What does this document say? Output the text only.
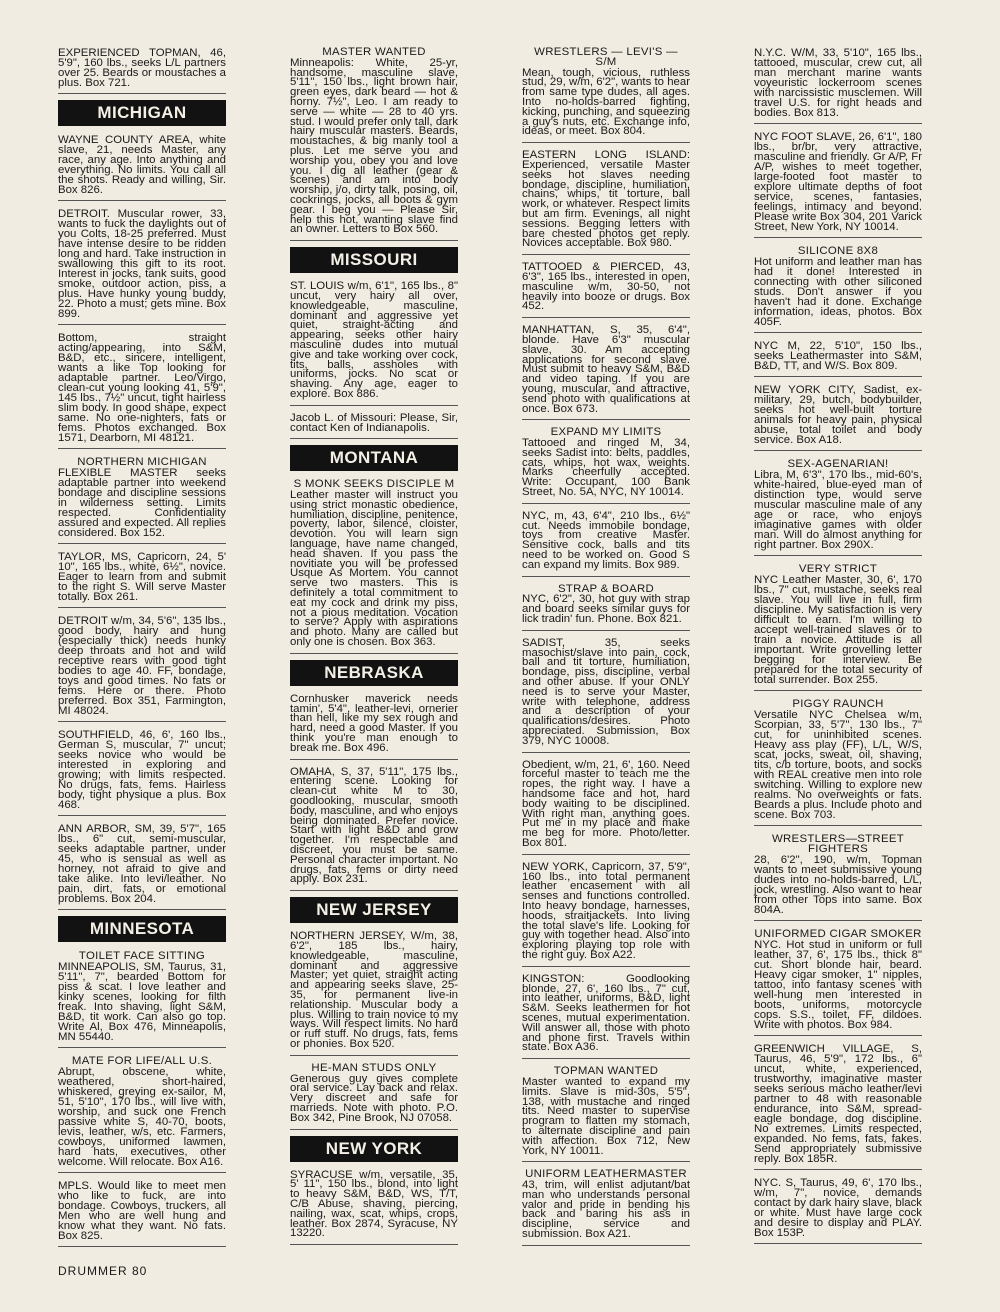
EXPERIENCED TOPMAN, 46, 5'9", 160 lbs., seeks L/L partners over 25. Beards or moustaches a plus. Box 721.
MICHIGAN
WAYNE COUNTY AREA, white slave, 21, needs Master, any race, any age. Into anything and everything. No limits. You call all the shots. Ready and willing, Sir. Box 826.
DETROIT. Muscular rower, 33, wants to fuck the daylights out of you Colts, 18-25 preferred. Must have intense desire to be ridden long and hard. Take instruction in swallowing this gift to its root. Interest in jocks, tank suits, good smoke, outdoor action, piss, a plus. Have hunky young buddy, 22. Photo a must; gets mine. Box 899.
Bottom, straight acting/appearing, into S&M, B&D, etc., sincere, intelligent, wants a like Top looking for adaptable partner. Leo/Virgo, clean-cut young looking 41, 5'9", 145 lbs., 7½" uncut, tight hairless slim body. In good shape, expect same. No one-nighters, fats or fems. Photos exchanged. Box 1571, Dearborn, MI 48121.
NORTHERN MICHIGAN
FLEXIBLE MASTER seeks adaptable partner into weekend bondage and discipline sessions in wilderness setting. Limits respected. Confidentiality assured and expected. All replies considered. Box 152.
TAYLOR, MS, Capricorn, 24, 5' 10", 165 lbs., white, 6½", novice. Eager to learn from and submit to the right S. Will serve Master totally. Box 261.
DETROIT w/m, 34, 5'6", 135 lbs., good body, hairy and hung (especially thick) needs hunky deep throats and hot and wild receptive rears with good tight bodies to age 40. FF, bondage, toys and good times. No fats or fems. Here or there. Photo preferred. Box 351, Farmington, MI 48024.
SOUTHFIELD, 46, 6', 160 lbs., German S, muscular, 7" uncut; seeks novice who would be interested in exploring and growing; with limits respected. No drugs, fats, fems. Hairless body, tight physique a plus. Box 468.
ANN ARBOR, SM, 39, 5'7", 165 lbs., 6" cut, semi-muscular, seeks adaptable partner, under 45, who is sensual as well as horney, not afraid to give and take alike. Into levi/leather. No pain, dirt, fats, or emotional problems. Box 204.
MINNESOTA
TOILET FACE SITTING
MINNEAPOLIS, SM, Taurus, 31, 5'11", 7", bearded Bottom for piss & scat. I love leather and kinky scenes, looking for filth freak. Into shaving, light S&M, B&D, tit work. Can also go top. Write Al, Box 476, Minneapolis, MN 55440.
MATE FOR LIFE/ALL U.S.
Abrupt, obscene, white, weathered, short-haired, whiskered, greying ex-sailor, M, 51, 5'10", 170 lbs., will live with, worship, and suck one French passive white S, 40-70, boots, levis, leather, w/s, etc. Farmers, cowboys, uniformed lawmen, hard hats, executives, other welcome. Will relocate. Box A16.
MPLS. Would like to meet men who like to fuck, are into bondage. Cowboys, truckers, all Men who are well hung and know what they want. No fats. Box 825.
MASTER WANTED
Minneapolis: White, 25-yr, handsome, masculine slave, 5'11", 150 lbs., light brown hair, green eyes, dark beard — hot & horny. 7½", Leo. I am ready to serve — white — 28 to 40 yrs. stud. I would prefer only tall, dark hairy muscular masters. Beards, moustaches, & big manly tool a plus. Let me serve you and worship you, obey you and love you. I dig all leather (gear & scenes) and am into body worship, j/o, dirty talk, posing, oil, cockrings, jocks, all boots & gym gear. I beg you — Please Sir, help this hot, wanting slave find an owner. Letters to Box 560.
MISSOURI
ST. LOUIS w/m, 6'1", 165 lbs., 8" uncut, very hairy all over, knowledgeable, masculine, dominant and aggressive yet quiet, straight-acting and appearing, seeks other hairy masculine dudes into mutual give and take working over cock, tits, balls, assholes with uniforms, jocks. No scat or shaving. Any age, eager to explore. Box 886.
Jacob L. of Missouri: Please, Sir, contact Ken of Indianapolis.
MONTANA
S MONK SEEKS DISCIPLE M
Leather master will instruct you using strict monastic obedience, humiliation, discipline, penitence, poverty, labor, silence, cloister, devotion. You will learn sign language, have name changed, head shaven. If you pass the novitiate you will be professed Usque As Mortem. You cannot serve two masters. This is definitely a total commitment to eat my cock and drink my piss, not a pious meditation. Vocation to serve? Apply with aspirations and photo. Many are called but only one is chosen. Box 363.
NEBRASKA
Cornhusker maverick needs tamin', 5'4", leather-levi, ornerier than hell, like my sex rough and hard, need a good Master. If you think you're man enough to break me. Box 496.
OMAHA, S, 37, 5'11", 175 lbs., entering scene. Looking for clean-cut white M to 30, goodlooking, muscular, smooth body, masculine, and who enjoys being dominated. Prefer novice. Start with light B&D and grow together. I'm respectable and discreet, you must be same. Personal character important. No drugs, fats, fems or dirty need apply. Box 231.
NEW JERSEY
NORTHERN JERSEY, W/m, 38, 6'2", 185 lbs., hairy, knowledgeable, masculine, dominant and aggressive Master; yet quiet, straight acting and appearing seeks slave, 25-35, for permanent live-in relationship. Muscular body a plus. Willing to train novice to my ways. Will respect limits. No hard or ruff stuff. No drugs, fats, fems or phonies. Box 520.
HE-MAN STUDS ONLY
Generous guy gives complete oral service. Lay back and relax. Very discreet and safe for marrieds. Note with photo. P.O. Box 342, Pine Brook, NJ 07058.
NEW YORK
SYRACUSE w/m, versatile, 35, 5' 11", 150 lbs., blond, into light to heavy S&M, B&D, WS, T/T, C/B Abuse, shaving, piercing, nailing, wax, scat, whips, crops, leather. Box 2874, Syracuse, NY 13220.
WRESTLERS — LEVI'S — S/M
Mean, tough, vicious, ruthless stud, 29, w/m, 6'2", wants to hear from same type dudes, all ages. Into no-holds-barred fighting, kicking, punching, and squeezing a guy's nuts, etc. Exchange info, ideas, or meet. Box 804.
EASTERN LONG ISLAND: Experienced, versatile Master seeks hot slaves needing bondage, discipline, humiliation, chains, whips, tit torture, ball work, or whatever. Respect limits but am firm. Evenings, all night sessions. Begging letters with bare chested photos get reply. Novices acceptable. Box 980.
TATTOOED & PIERCED, 43, 6'3", 165 lbs., interested in open, masculine w/m, 30-50, not heavily into booze or drugs. Box 452.
MANHATTAN, S, 35, 6'4", blonde. Have 6'3" muscular slave, 30. Am accepting applications for second slave. Must submit to heavy S&M, B&D and video taping. If you are young, muscular, and attractive, send photo with qualifications at once. Box 673.
EXPAND MY LIMITS
Tattooed and ringed M, 34, seeks Sadist into: belts, paddles, cats, whips, hot wax, weights. Marks cheerfully accepted. Write: Occupant, 100 Bank Street, No. 5A, NYC, NY 10014.
NYC, m, 43, 6'4", 210 lbs., 6½" cut. Needs immobile bondage, toys from creative Master. Sensitive cock, balls and tits need to be worked on. Good S can expand my limits. Box 989.
STRAP & BOARD
NYC, 6'2", 30, hot guy with strap and board seeks similar guys for lick tradin' fun. Phone. Box 821.
SADIST, 35, seeks masochist/slave into pain, cock, ball and tit torture, humiliation, bondage, piss, discipline, verbal and other abuse. If your ONLY need is to serve your Master, write with telephone, address and a description of your qualifications/desires. Photo appreciated. Submission, Box 379, NYC 10008.
Obedient, w/m, 21, 6', 160. Need forceful master to teach me the ropes, the right way. I have a handsome face and hot, hard body waiting to be disciplined. With right man, anything goes. Put me in my place and make me beg for more. Photo/letter. Box 801.
NEW YORK, Capricorn, 37, 5'9", 160 lbs., into total permanent leather encasement with all senses and functions controlled. Into heavy bondage, harnesses, hoods, straitjackets. Into living the total slave's life. Looking for guy with together head. Also into exploring playing top role with the right guy. Box A22.
KINGSTON: Goodlooking blonde, 27, 6', 160 lbs., 7" cut, into leather, uniforms, B&D, light S&M. Seeks leathermen for hot scenes, mutual experimentation. Will answer all, those with photo and phone first. Travels within state. Box A36.
TOPMAN WANTED
Master wanted to expand my limits. Slave is mid-30s, 5'5", 138, with mustache and ringed tits. Need master to supervise program to flatten my stomach, to alternate discipline and pain with affection. Box 712, New York, NY 10011.
UNIFORM LEATHERMASTER
43, trim, will enlist adjutant/bat man who understands personal valor and pride in bending his back and baring his ass in discipline, service and submission. Box A21.
N.Y.C. W/M, 33, 5'10", 165 lbs., tattooed, muscular, crew cut, all man merchant marine wants voyeuristic lockerroom scenes with narcissistic musclemen. Will travel U.S. for right heads and bodies. Box 813.
NYC FOOT SLAVE, 26, 6'1", 180 lbs., br/br, very attractive, masculine and friendly. Gr A/P, Fr A/P, wishes to meet together, large-footed foot master to explore ultimate depths of foot service, scenes, fantasies, feelings, intimacy and beyond. Please write Box 304, 201 Varick Street, New York, NY 10014.
SILICONE 8X8
Hot uniform and leather man has had it done! Interested in connecting with other siliconed studs. Don't answer if you haven't had it done. Exchange information, ideas, photos. Box 405F.
NYC M, 22, 5'10", 150 lbs., seeks Leathermaster into S&M, B&D, TT, and W/S. Box 809.
NEW YORK CITY, Sadist, ex-military, 29, butch, bodybuilder, seeks hot well-built torture animals for heavy pain, physical abuse, total toilet and body service. Box A18.
SEX-AGENARIAN!
Libra, M, 6'3", 170 lbs., mid-60's, white-haired, blue-eyed man of distinction type, would serve muscular masculine male of any age or race, who enjoys imaginative games with older man. Will do almost anything for right partner. Box 290X.
VERY STRICT
NYC Leather Master, 30, 6', 170 lbs., 7" cut, mustache, seeks real slave. You will live in full, firm discipline. My satisfaction is very difficult to earn. I'm willing to accept well-trained slaves or to train a novice. Attitude is all important. Write grovelling letter begging for interview. Be prepared for the total security of total surrender. Box 255.
PIGGY RAUNCH
Versatile NYC Chelsea w/m, Scorpian, 33, 5'7", 130 lbs., 7" cut, for uninhibited scenes. Heavy ass play (FF), L/L, W/S, scat, jocks, sweat, oil, shaving, tits, c/b torture, boots, and socks with REAL creative men into role switching. Willing to explore new realms. No overweights or fats. Beards a plus. Include photo and scene. Box 703.
WRESTLERS—STREET FIGHTERS
28, 6'2", 190, w/m, Topman wants to meet submissive young dudes into no-holds-barred, L/L, jock, wrestling. Also want to hear from other Tops into same. Box 804A.
UNIFORMED CIGAR SMOKER
NYC. Hot stud in uniform or full leather, 37, 6', 175 lbs., thick 8" cut. Short blonde hair, beard. Heavy cigar smoker, 1" nipples, tattoo, into fantasy scenes with well-hung men interested in boots, uniforms, motorcycle cops. S.S., toilet, FF, dildoes. Write with photos. Box 984.
GREENWICH VILLAGE, S, Taurus, 46, 5'9", 172 lbs., 6" uncut, white, experienced, trustworthy, imaginative master seeks serious macho leather/levi partner to 48 with reasonable endurance, into S&M, spread-eagle bondage, dog discipline. No extremes. Limits respected, expanded. No fems, fats, fakes. Send appropriately submissive reply. Box 185R.
NYC. S, Taurus, 49, 6', 170 lbs., w/m, 7", novice, demands contact by dark hairy slave, black or white. Must have large cock and desire to display and PLAY. Box 153P.
DRUMMER 80
